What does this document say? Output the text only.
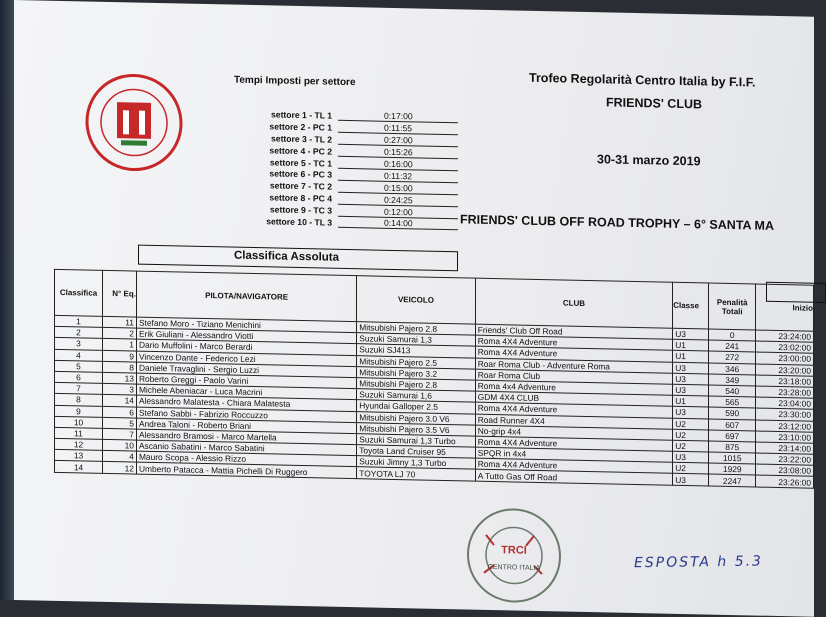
Tempi Imposti per settore
settore 1 - TL 1	0:17:00
settore 2 - PC 1	0:11:55
settore 3 - TL 2	0:27:00
settore 4 - PC 2	0:15:26
settore 5 - TC 1	0:16:00
settore 6 - PC 3	0:11:32
settore 7 - TC 2	0:15:00
settore 8 - PC 4	0:24:25
settore 9 - TC 3	0:12:00
settore 10 - TL 3	0:14:00
Trofeo Regolarità Centro Italia by F.I.F.
FRIENDS' CLUB
30-31 marzo 2019
FRIENDS' CLUB OFF ROAD TROPHY – 6° SANTA MA
Classifica Assoluta
Classifica	N° Eq.	PILOTA/NAVIGATORE	VEICOLO	CLUB	Classe	Penalità Totali	Inizio
1	11	Stefano Moro - Tiziano Menichini	Mitsubishi Pajero 2.8	Friends' Club Off Road	U3	0	23:24:00
2	2	Erik Giuliani - Alessandro Viotti	Suzuki Samurai 1,3	Roma 4X4 Adventure	U1	241	23:02:00
3	1	Dario Muffolini - Marco Berardi	Suzuki SJ413	Roma 4X4 Adventure	U1	272	23:00:00
4	9	Vincenzo Dante - Federico Lezi	Mitsubishi Pajero 2.5	Roar Roma Club - Adventure Roma	U3	346	23:20:00
5	8	Daniele Travaglini - Sergio Luzzi	Mitsubishi Pajero 3.2	Roar Roma Club	U3	349	23:18:00
6	13	Roberto Greggi - Paolo Varini	Mitsubishi Pajero 2.8	Roma 4x4 Adventure	U3	540	23:28:00
7	3	Michele Abeniacar - Luca Macrini	Suzuki Samurai 1,6	GDM 4X4 CLUB	U1	565	23:04:00
8	14	Alessandro Malatesta - Chiara Malatesta	Hyundai Galloper 2.5	Roma 4X4 Adventure	U3	590	23:30:00
9	6	Stefano Sabbi - Fabrizio Roccuzzo	Mitsubishi Pajero 3.0 V6	Road Runner 4X4	U2	607	23:12:00
10	5	Andrea Taloni - Roberto Briani	Mitsubishi Pajero 3.5 V6	No-grip 4x4	U2	697	23:10:00
11	7	Alessandro Bramosi - Marco Martella	Suzuki Samurai 1,3 Turbo	Roma 4X4 Adventure	U2	875	23:14:00
12	10	Ascanio Sabatini - Marco Sabatini	Toyota Land Cruiser 95	SPQR in 4x4	U3	1015	23:22:00
13	4	Mauro Scopa - Alessio Rizzo	Suzuki Jimny 1,3 Turbo	Roma 4X4 Adventure	U2	1929	23:08:00
14	12	Umberto Patacca - Mattia Pichelli Di Ruggero	TOYOTA LJ 70	A Tutto Gas Off Road	U3	2247	23:26:00
TRCI
CENTRO ITALIA	ESPOSTA h 5.3
